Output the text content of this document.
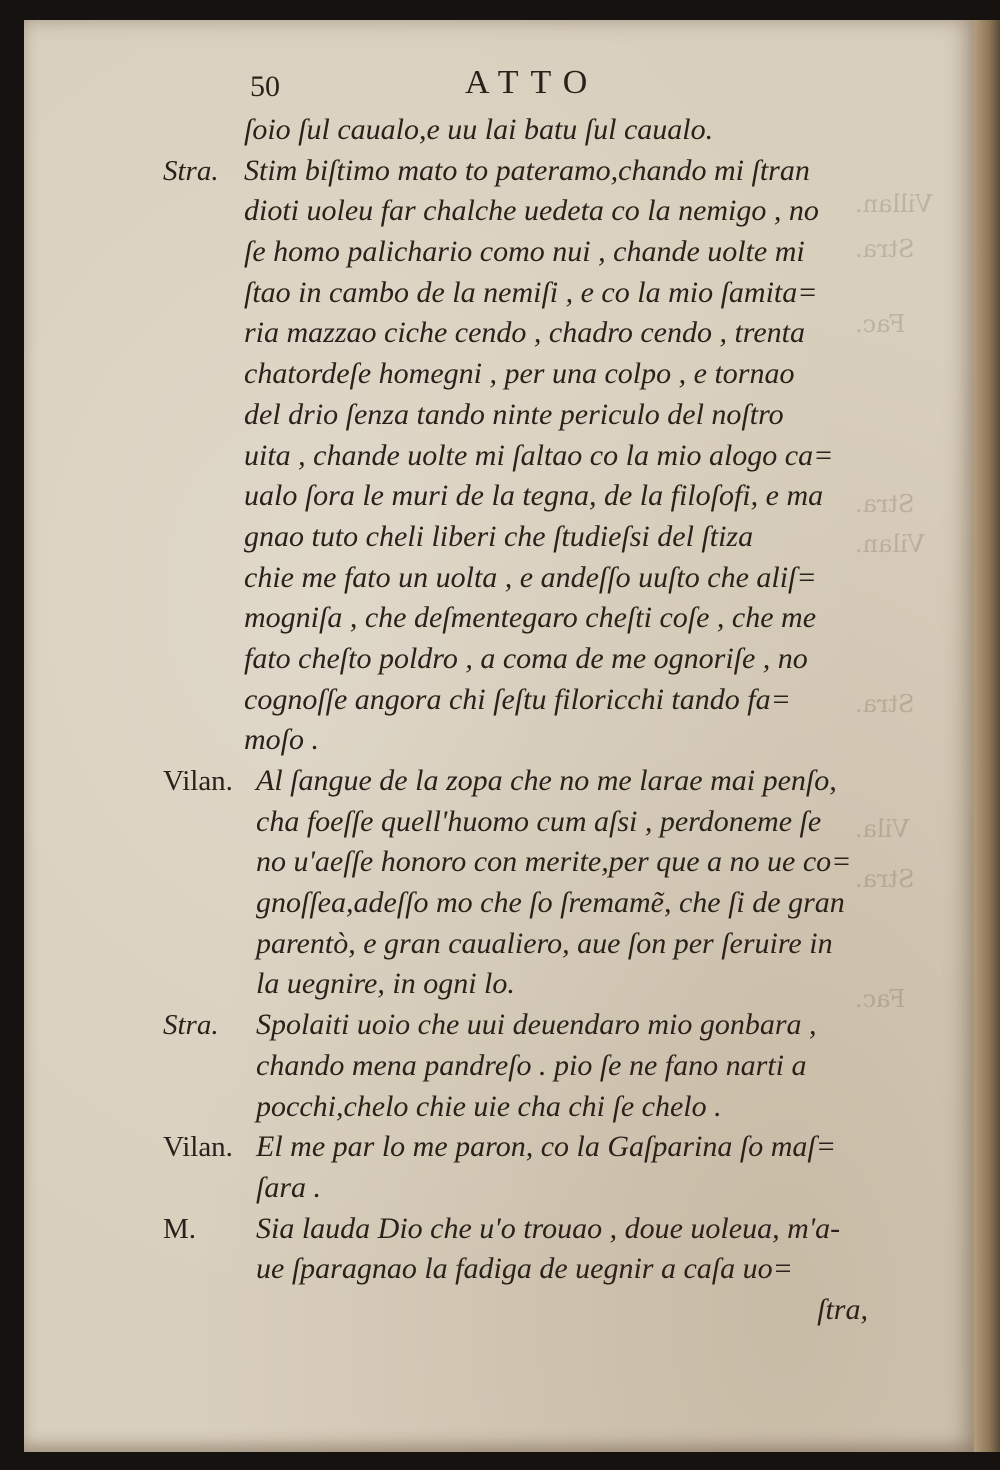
50	ATTO
ſoio ſul caualo,e uu lai batu ſul caualo.
Stra. Stim biſtimo mato to pateramo,chando mi ſtran
dioti uoleu far chalche uedeta co la nemigo , no
ſe homo palichario como nui , chande uolte mi
ſtao in cambo de la nemiſi , e co la mio ſamita=
ria mazzao ciche cendo , chadro cendo , trenta
chatordeſe homegni , per una colpo , e tornao
del drio ſenza tando ninte periculo del noſtro
uita , chande uolte mi ſaltao co la mio alogo ca=
ualo ſora le muri de la tegna, de la filoſofi, e ma
gnao tuto cheli liberi che ſtudieſsi del ſtiza
chie me fato un uolta , e andeſſo uuſto che aliſ=
mogniſa , che deſmentegaro cheſti coſe , che me
fato cheſto poldro , a coma de me ognoriſe , no
cognoſſe angora chi ſeſtu filoricchi tando fa=
moſo .
Vilan. Al ſangue de la zopa che no me larae mai penſo,
cha foeſſe quell'huomo cum aſsi , perdoneme ſe
no u'aeſſe honoro con merite,per que a no ue co=
gnoſſea,adeſſo mo che ſo ſremamẽ, che ſi de gran
parentò, e gran caualiero, aue ſon per ſeruire in
la uegnire, in ogni lo.
Stra. Spolaiti uoio che uui deuendaro mio gonbara ,
chando mena pandreſo . pio ſe ne fano narti a
pocchi,chelo chie uie cha chi ſe chelo .
Vilan. El me par lo me paron, co la Gaſparina ſo maſ=
ſara .
M. Sia lauda Dio che u'o trouao , doue uoleua, m'a-
ue ſparagnao la fadiga de uegnir a caſa uo=
ſtra,
